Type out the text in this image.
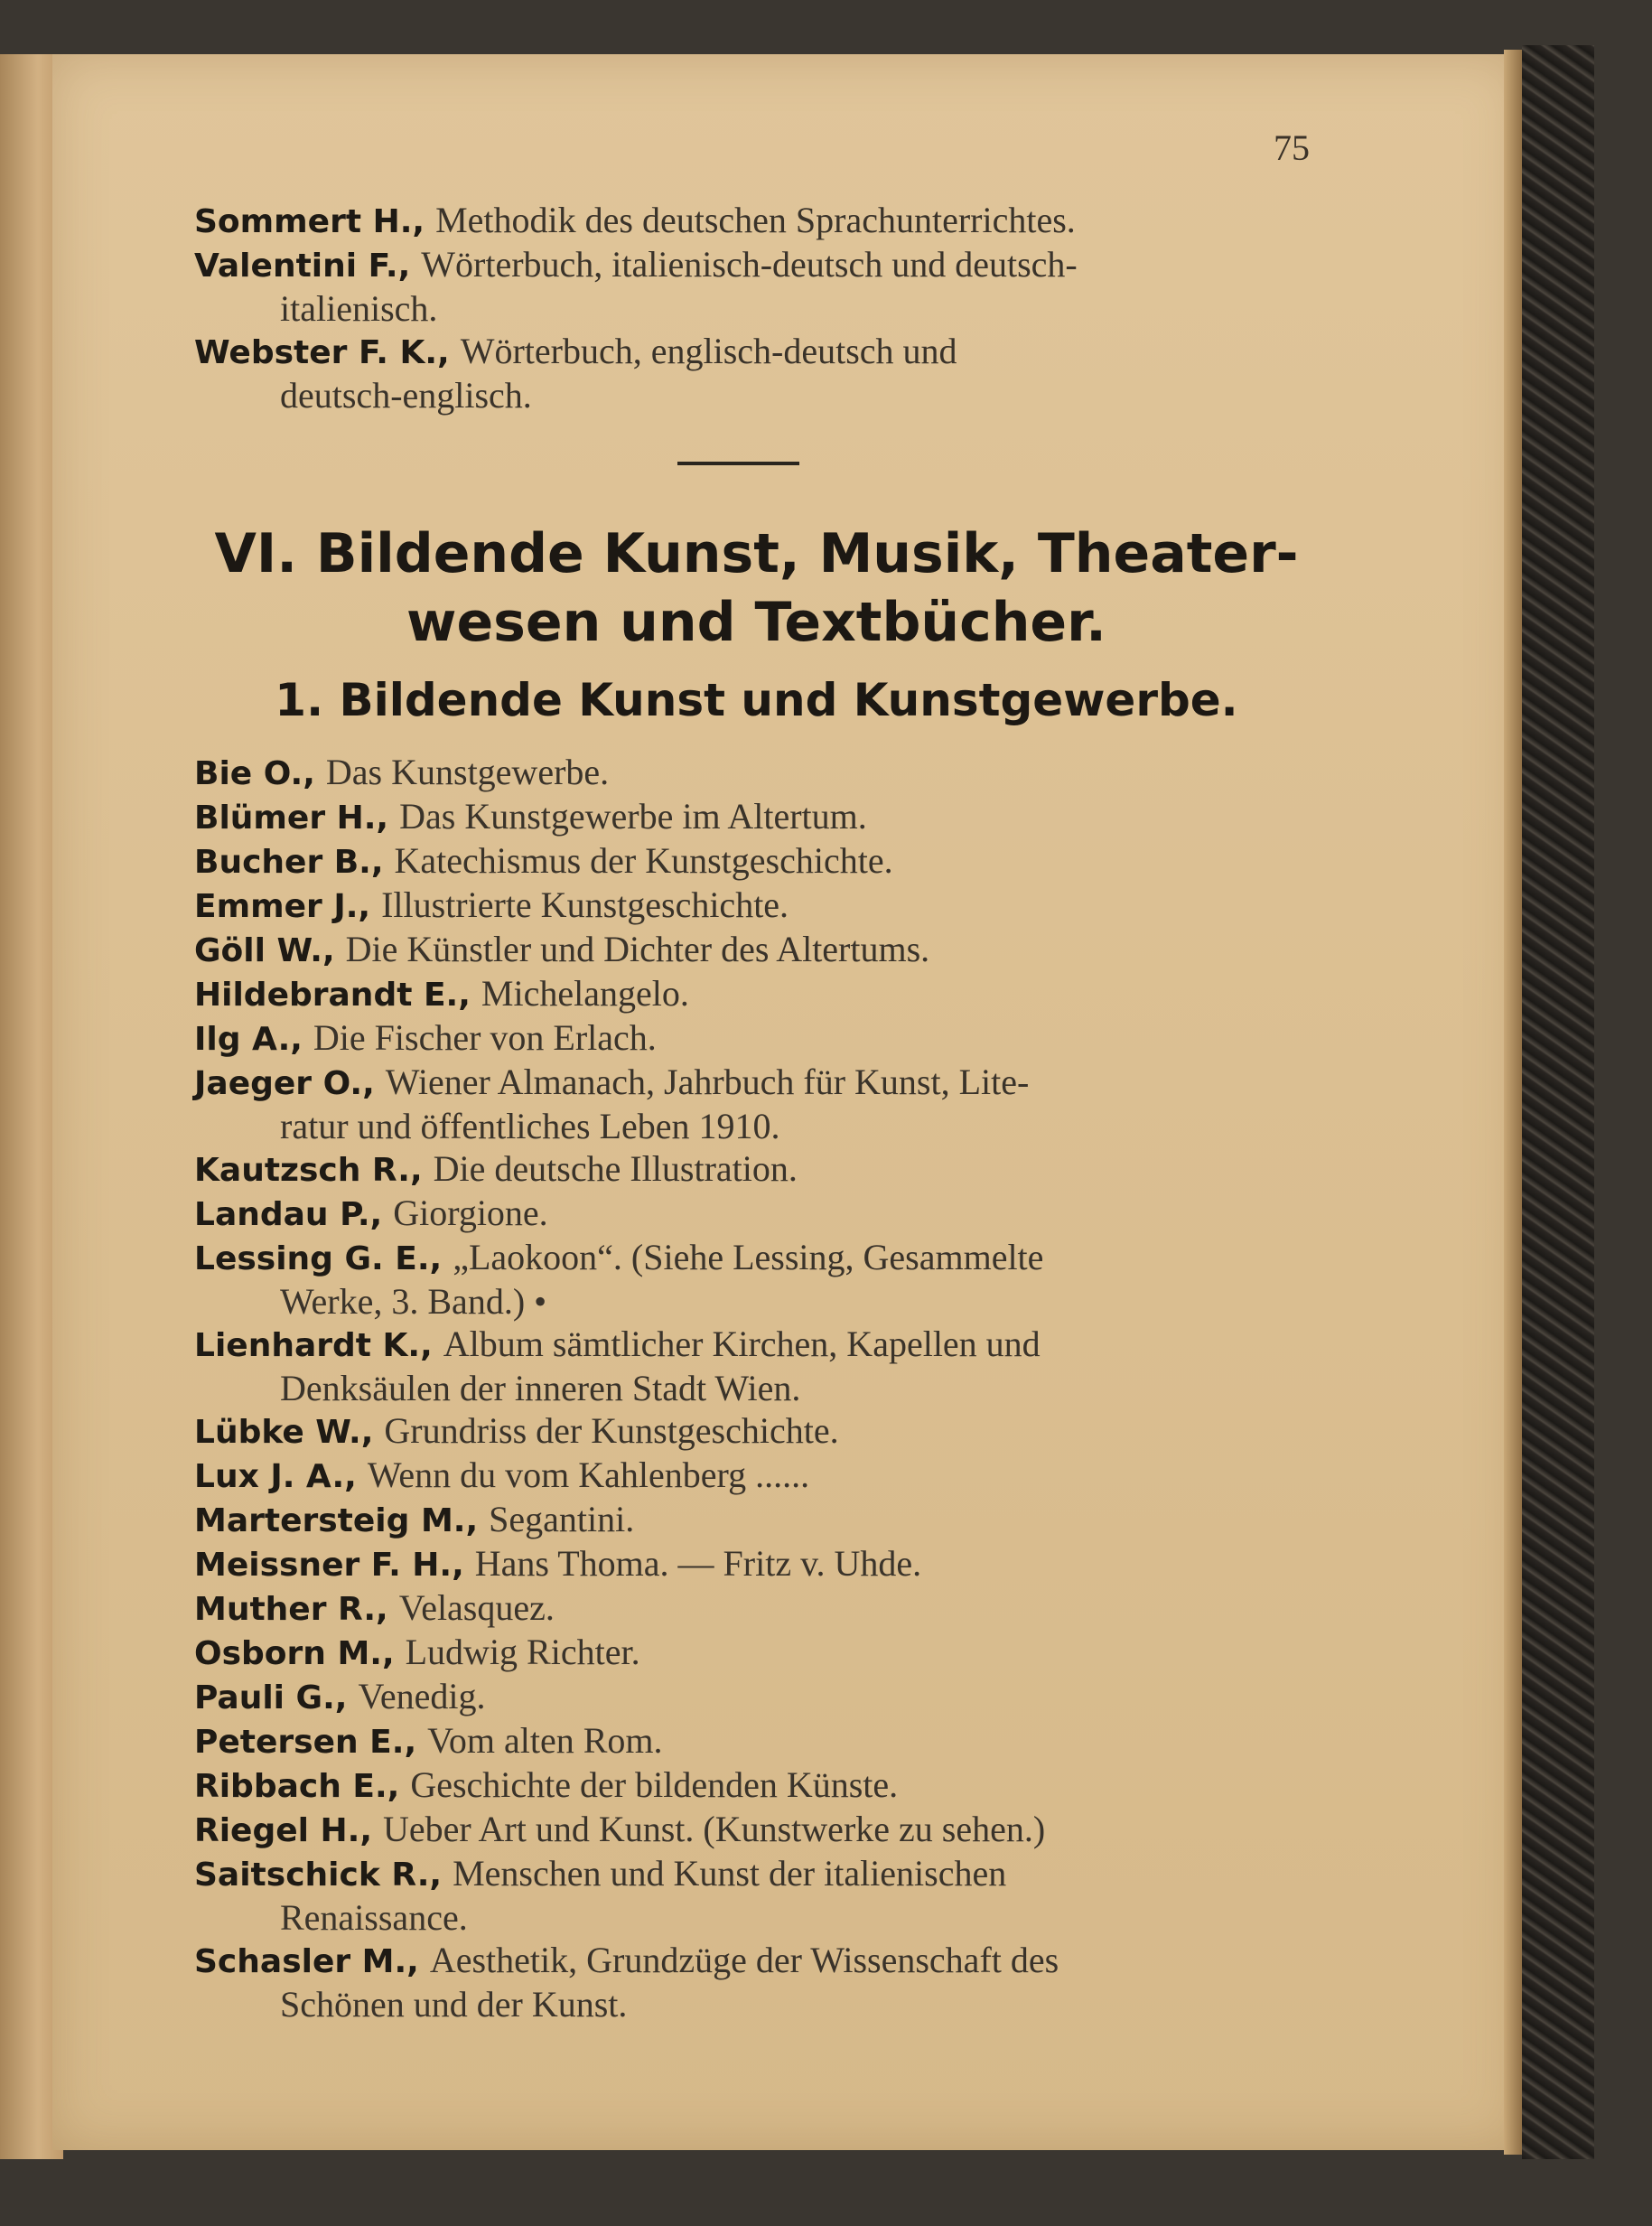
75

Sommert H., Methodik des deutschen Sprachunterrichtes.

Valentini F., Wörterbuch, italienisch-deutsch und deutsch-
italienisch.

Webster F. K., Wörterbuch, englisch-deutsch und
deutsch-englisch.

VI. Bildende Kunst, Musik, Theater-

wesen und Textbücher.

1. Bildende Kunst und Kunstgewerbe.

Bie O., Das Kunstgewerbe.

Blümer H., Das Kunstgewerbe im Altertum.

Bucher B., Katechismus der Kunstgeschichte.

Emmer J., Illustrierte Kunstgeschichte.

Göll W., Die Künstler und Dichter des Altertums.

Hildebrandt E., Michelangelo.

Ilg A., Die Fischer von Erlach.

Jaeger O., Wiener Almanach, Jahrbuch für Kunst, Lite-
ratur und öffentliches Leben 1910.

Kautzsch R., Die deutsche Illustration.

Landau P., Giorgione.

Lessing G. E., „Laokoon“. (Siehe Lessing, Gesammelte
Werke, 3. Band.) •

Lienhardt K., Album sämtlicher Kirchen, Kapellen und
Denksäulen der inneren Stadt Wien.

Lübke W., Grundriss der Kunstgeschichte.

Lux J. A., Wenn du vom Kahlenberg ......

Martersteig M., Segantini.

Meissner F. H., Hans Thoma. — Fritz v. Uhde.

Muther R., Velasquez.

Osborn M., Ludwig Richter.

Pauli G., Venedig.

Petersen E., Vom alten Rom.

Ribbach E., Geschichte der bildenden Künste.

Riegel H., Ueber Art und Kunst. (Kunstwerke zu sehen.)

Saitschick R., Menschen und Kunst der italienischen
Renaissance.

Schasler M., Aesthetik, Grundzüge der Wissenschaft des
Schönen und der Kunst.
